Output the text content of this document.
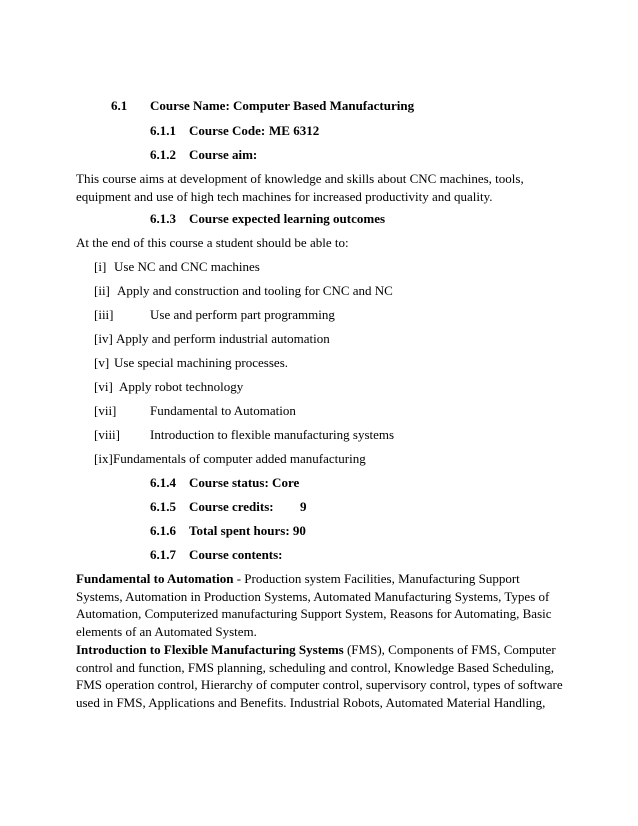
6.1 Course Name: Computer Based Manufacturing
6.1.1 Course Code: ME 6312
6.1.2 Course aim:
This course aims at development of knowledge and skills about CNC machines, tools, equipment and use of high tech machines for increased productivity and quality.
6.1.3 Course expected learning outcomes
At the end of this course a student should be able to:
[i] Use NC and CNC machines
[ii] Apply and construction and tooling for CNC and NC
[iii]	Use and perform part programming
[iv] Apply and perform industrial automation
[v] Use special machining processes.
[vi] Apply robot technology
[vii]	Fundamental to Automation
[viii] Introduction to flexible manufacturing systems
[ix] Fundamentals of computer added manufacturing
6.1.4 Course status: Core
6.1.5 Course credits: 9
6.1.6 Total spent hours: 90
6.1.7 Course contents:
Fundamental to Automation - Production system Facilities, Manufacturing Support Systems, Automation in Production Systems, Automated Manufacturing Systems, Types of Automation, Computerized manufacturing Support System, Reasons for Automating, Basic elements of an Automated System.
Introduction to Flexible Manufacturing Systems (FMS), Components of FMS, Computer control and function, FMS planning, scheduling and control, Knowledge Based Scheduling, FMS operation control, Hierarchy of computer control, supervisory control, types of software used in FMS, Applications and Benefits. Industrial Robots, Automated Material Handling,
